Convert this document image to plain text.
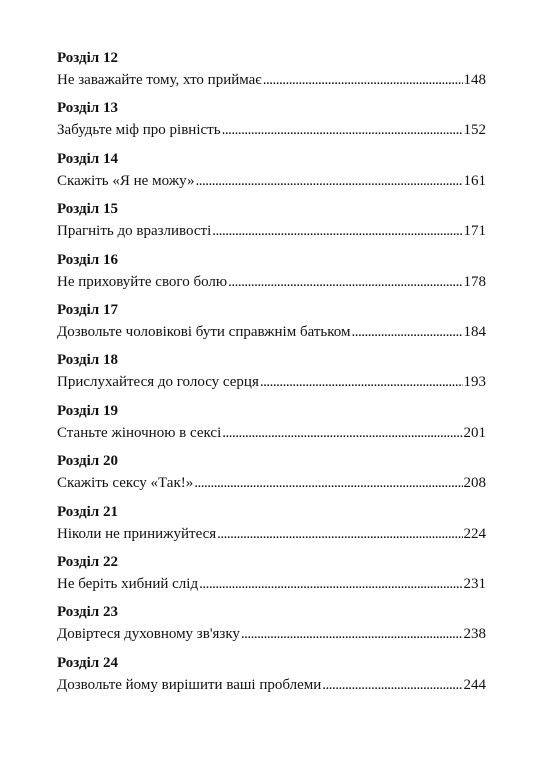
Розділ 12
Не заважайте тому, хто приймає .....	148
Розділ 13
Забудьте міф про рівність .....	152
Розділ 14
Скажіть «Я не можу» .....	161
Розділ 15
Прагніть до вразливості .....	171
Розділ 16
Не приховуйте свого болю .....	178
Розділ 17
Дозвольте чоловікові бути справжнім батьком .....	184
Розділ 18
Прислухайтеся до голосу серця .....	193
Розділ 19
Станьте жіночною в сексі .....	201
Розділ 20
Скажіть сексу «Так!» .....	208
Розділ 21
Ніколи не принижуйтеся .....	224
Розділ 22
Не беріть хибний слід .....	231
Розділ 23
Довіртеся духовному зв'язку .....	238
Розділ 24
Дозвольте йому вирішити ваші проблеми .....	244
